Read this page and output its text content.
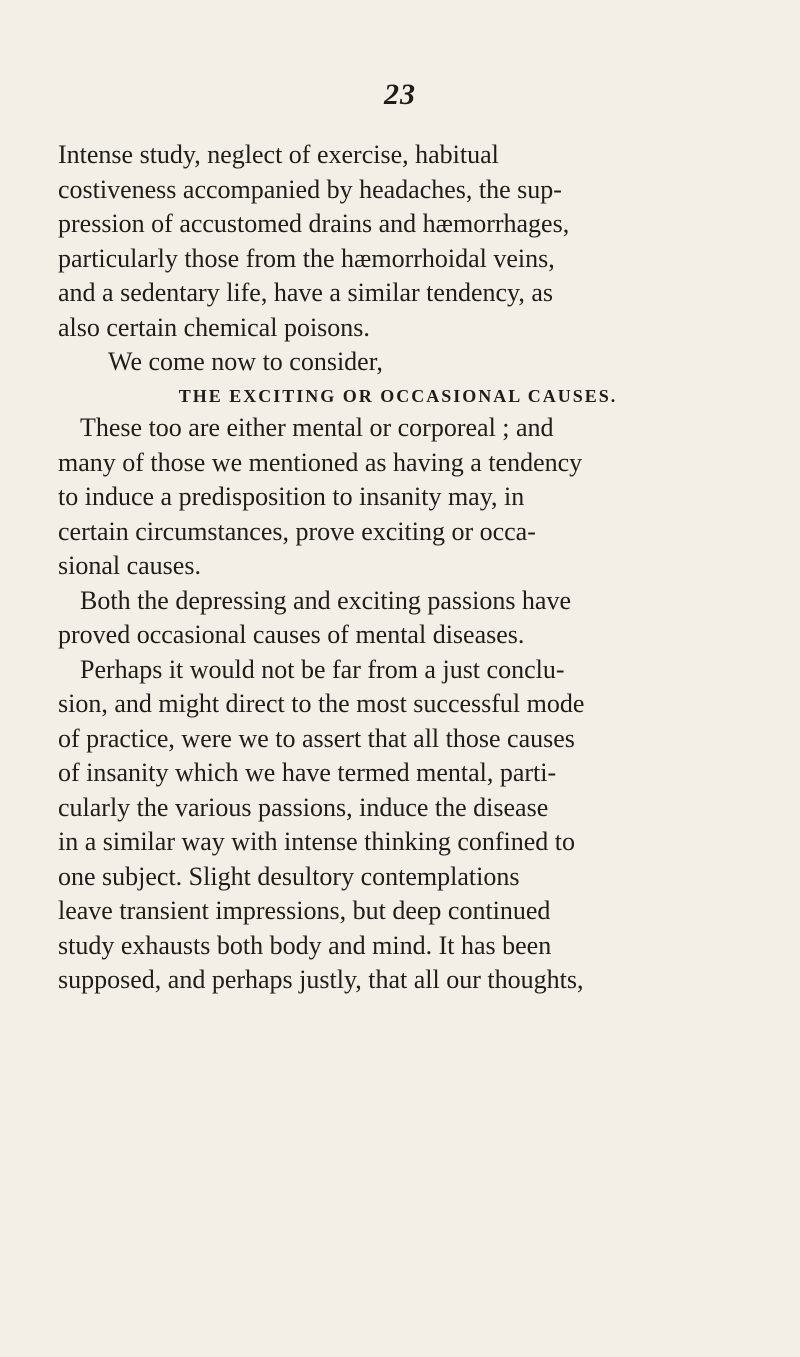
23
Intense study, neglect of exercise, habitual
costiveness accompanied by headaches, the sup-
pression of accustomed drains and hæmorrhages,
particularly those from the hæmorrhoidal veins,
and a sedentary life, have a similar tendency, as
also certain chemical poisons.
We come now to consider,
THE EXCITING OR OCCASIONAL CAUSES.
These too are either mental or corporeal ; and
many of those we mentioned as having a tendency
to induce a predisposition to insanity may, in
certain circumstances, prove exciting or occa-
sional causes.
Both the depressing and exciting passions have
proved occasional causes of mental diseases.
Perhaps it would not be far from a just conclu-
sion, and might direct to the most successful mode
of practice, were we to assert that all those causes
of insanity which we have termed mental, parti-
cularly the various passions, induce the disease
in a similar way with intense thinking confined to
one subject. Slight desultory contemplations
leave transient impressions, but deep continued
study exhausts both body and mind. It has been
supposed, and perhaps justly, that all our thoughts,
